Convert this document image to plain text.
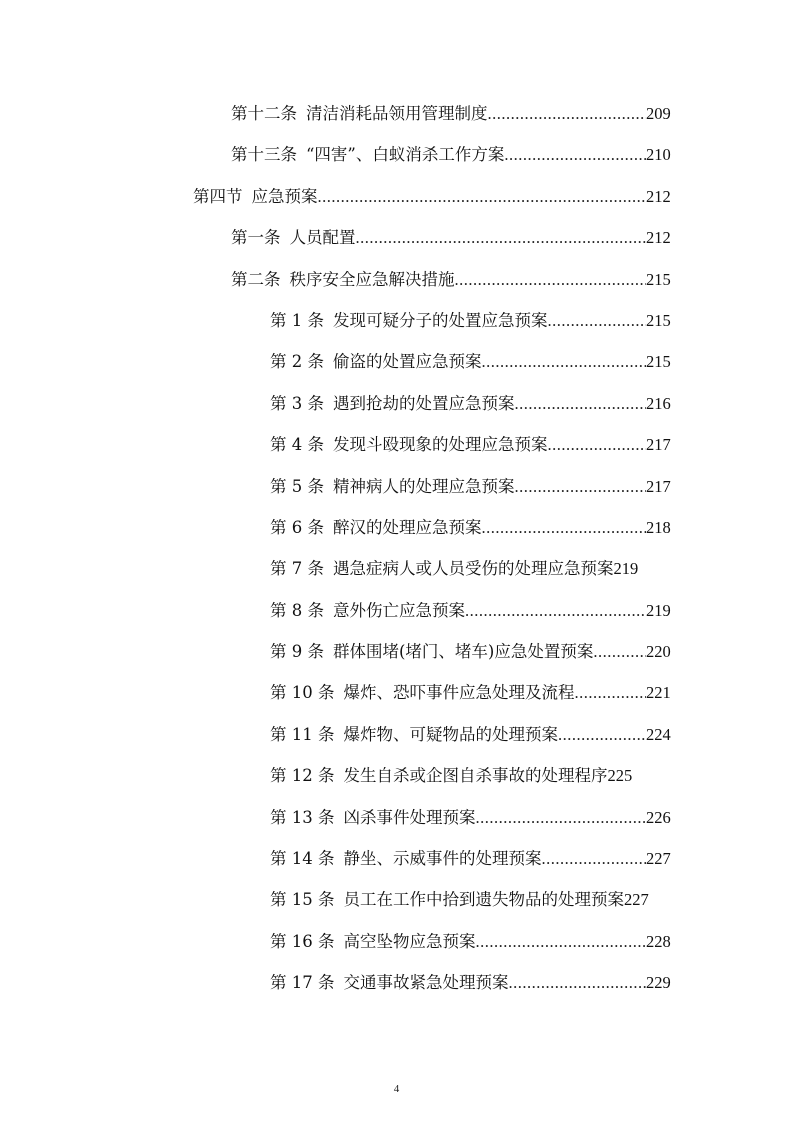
第十二条 清洁消耗品领用管理制度 .....	209
第十三条 “四害”、白蚁消杀工作方案 .....	210
第四节 应急预案 .....	212
第一条 人员配置 .....	212
第二条 秩序安全应急解决措施 .....	215
第 1 条 发现可疑分子的处置应急预案 .....	215
第 2 条 偷盗的处置应急预案 .....	215
第 3 条 遇到抢劫的处置应急预案 .....	216
第 4 条 发现斗殴现象的处理应急预案 .....	217
第 5 条 精神病人的处理应急预案 .....	217
第 6 条 醉汉的处理应急预案 .....	218
第 7 条 遇急症病人或人员受伤的处理应急预案 219
第 8 条 意外伤亡应急预案 .....	219
第 9 条 群体围堵(堵门、堵车)应急处置预案 .....	220
第 10 条 爆炸、恐吓事件应急处理及流程 .....	221
第 11 条 爆炸物、可疑物品的处理预案 .....	224
第 12 条 发生自杀或企图自杀事故的处理程序 225
第 13 条 凶杀事件处理预案 .....	226
第 14 条 静坐、示威事件的处理预案 .....	227
第 15 条 员工在工作中拾到遗失物品的处理预案 227
第 16 条 高空坠物应急预案 .....	228
第 17 条 交通事故紧急处理预案 .....	229
4
